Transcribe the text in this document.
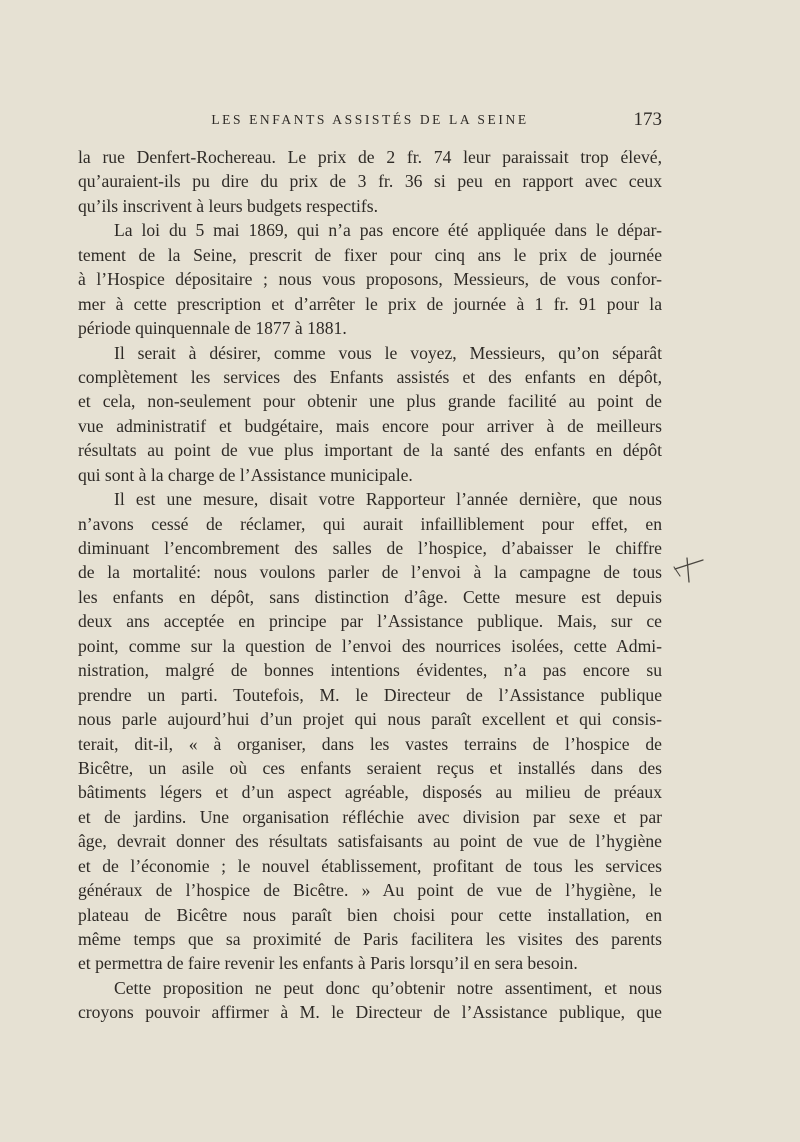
LES ENFANTS ASSISTÉS DE LA SEINE	173
la rue Denfert-Rochereau. Le prix de 2 fr. 74 leur paraissait trop élevé,
qu’auraient-ils pu dire du prix de 3 fr. 36 si peu en rapport avec ceux
qu’ils inscrivent à leurs budgets respectifs.
La loi du 5 mai 1869, qui n’a pas encore été appliquée dans le dépar-
tement de la Seine, prescrit de fixer pour cinq ans le prix de journée
à l’Hospice dépositaire ; nous vous proposons, Messieurs, de vous confor-
mer à cette prescription et d’arrêter le prix de journée à 1 fr. 91 pour la
période quinquennale de 1877 à 1881.
Il serait à désirer, comme vous le voyez, Messieurs, qu’on séparât
complètement les services des Enfants assistés et des enfants en dépôt,
et cela, non-seulement pour obtenir une plus grande facilité au point de
vue administratif et budgétaire, mais encore pour arriver à de meilleurs
résultats au point de vue plus important de la santé des enfants en dépôt
qui sont à la charge de l’Assistance municipale.
Il est une mesure, disait votre Rapporteur l’année dernière, que nous
n’avons cessé de réclamer, qui aurait infailliblement pour effet, en
diminuant l’encombrement des salles de l’hospice, d’abaisser le chiffre
de la mortalité: nous voulons parler de l’envoi à la campagne de tous
les enfants en dépôt, sans distinction d’âge. Cette mesure est depuis
deux ans acceptée en principe par l’Assistance publique. Mais, sur ce
point, comme sur la question de l’envoi des nourrices isolées, cette Admi-
nistration, malgré de bonnes intentions évidentes, n’a pas encore su
prendre un parti. Toutefois, M. le Directeur de l’Assistance publique
nous parle aujourd’hui d’un projet qui nous paraît excellent et qui consis-
terait, dit-il, « à organiser, dans les vastes terrains de l’hospice de
Bicêtre, un asile où ces enfants seraient reçus et installés dans des
bâtiments légers et d’un aspect agréable, disposés au milieu de préaux
et de jardins. Une organisation réfléchie avec division par sexe et par
âge, devrait donner des résultats satisfaisants au point de vue de l’hygiène
et de l’économie ; le nouvel établissement, profitant de tous les services
généraux de l’hospice de Bicêtre. » Au point de vue de l’hygiène, le
plateau de Bicêtre nous paraît bien choisi pour cette installation, en
même temps que sa proximité de Paris facilitera les visites des parents
et permettra de faire revenir les enfants à Paris lorsqu’il en sera besoin.
Cette proposition ne peut donc qu’obtenir notre assentiment, et nous
croyons pouvoir affirmer à M. le Directeur de l’Assistance publique, que
